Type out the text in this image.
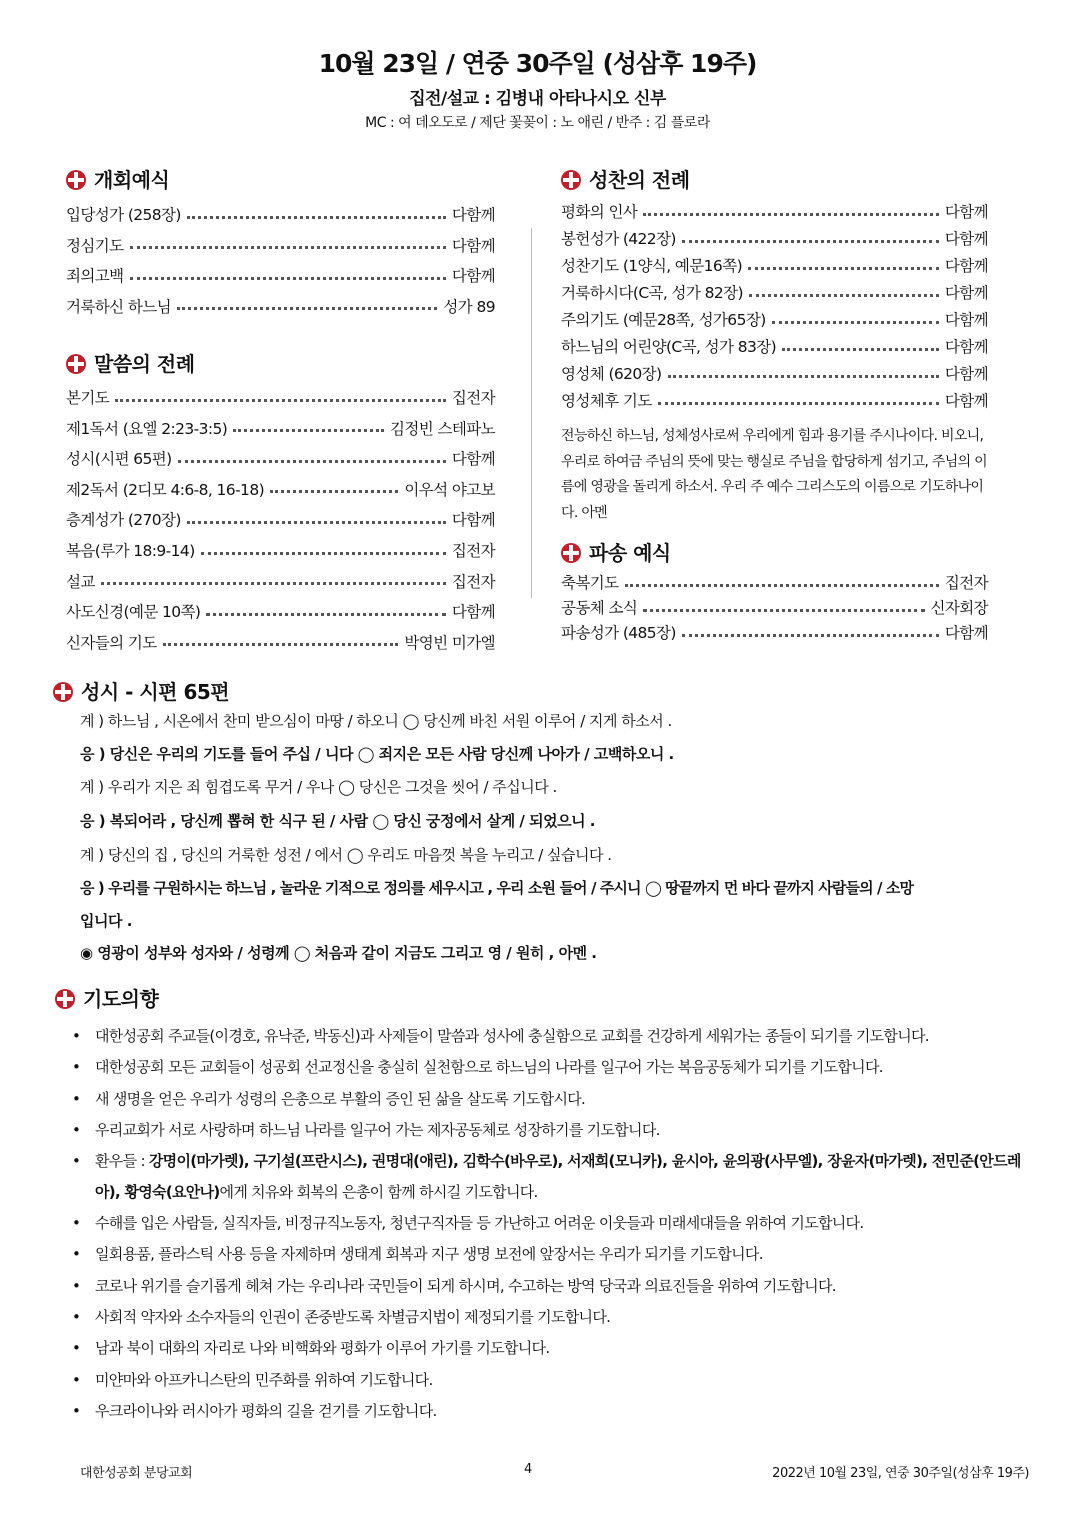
10월 23일 / 연중 30주일 (성삼후 19주)
집전/설교 : 김병내 아타나시오 신부
MC : 여 데오도로 / 제단 꽃꽂이 : 노 애린 / 반주 : 김 플로라
개회예식
입당성가 (258장)	다함께
정심기도	다함께
죄의고백	다함께
거룩하신 하느님	성가 89
말씀의 전례
본기도	집전자
제1독서 (요엘 2:23-3:5)	김정빈 스테파노
성시(시편 65편)	다함께
제2독서 (2디모 4:6-8, 16-18)	이우석 야고보
층계성가 (270장)	다함께
복음(루가 18:9-14)	집전자
설교	집전자
사도신경(예문 10쪽)	다함께
신자들의 기도	박영빈 미가엘
성찬의 전례
평화의 인사	다함께
봉헌성가 (422장)	다함께
성찬기도 (1양식, 예문16쪽)	다함께
거룩하시다(C곡, 성가 82장)	다함께
주의기도 (예문28쪽, 성가65장)	다함께
하느님의 어린양(C곡, 성가 83장)	다함께
영성체 (620장)	다함께
영성체후 기도	다함께
전능하신 하느님, 성체성사로써 우리에게 힘과 용기를 주시나이다. 비오니, 우리로 하여금 주님의 뜻에 맞는 행실로 주님을 합당하게 섬기고, 주님의 이름에 영광을 돌리게 하소서. 우리 주 예수 그리스도의 이름으로 기도하나이다. 아멘
파송 예식
축복기도	집전자
공동체 소식	신자회장
파송성가 (485장)	다함께
성시 - 시편 65편
계 ) 하느님 , 시온에서 찬미 받으심이 마땅 / 하오니 ◯ 당신께 바친 서원 이루어 / 지게 하소서 .
응 ) 당신은 우리의 기도를 들어 주십 / 니다 ◯ 죄지은 모든 사람 당신께 나아가 / 고백하오니 .
계 ) 우리가 지은 죄 힘겹도록 무거 / 우나 ◯ 당신은 그것을 씻어 / 주십니다 .
응 ) 복되어라 , 당신께 뽑혀 한 식구 된 / 사람 ◯ 당신 궁정에서 살게 / 되었으니 .
계 ) 당신의 집 , 당신의 거룩한 성전 / 에서 ◯ 우리도 마음껏 복을 누리고 / 싶습니다 .
응 ) 우리를 구원하시는 하느님 , 놀라운 기적으로 정의를 세우시고 , 우리 소원 들어 / 주시니 ◯ 땅끝까지 먼 바다 끝까지 사람들의 / 소망
입니다 .
◉ 영광이 성부와 성자와 / 성령께 ◯ 처음과 같이 지금도 그리고 영 / 원히 , 아멘 .
기도의향
• 대한성공회 주교들(이경호, 유낙준, 박동신)과 사제들이 말씀과 성사에 충실함으로 교회를 건강하게 세워가는 종들이 되기를 기도합니다.
• 대한성공회 모든 교회들이 성공회 선교정신을 충실히 실천함으로 하느님의 나라를 일구어 가는 복음공동체가 되기를 기도합니다.
• 새 생명을 얻은 우리가 성령의 은총으로 부활의 증인 된 삶을 살도록 기도합시다.
• 우리교회가 서로 사랑하며 하느님 나라를 일구어 가는 제자공동체로 성장하기를 기도합니다.
• 환우들 : 강명이(마가렛), 구기설(프란시스), 권명대(애린), 김학수(바우로), 서재희(모니카), 윤시아, 윤의광(사무엘), 장윤자(마가렛), 전민준(안드레아), 황영숙(요안나)에게 치유와 회복의 은총이 함께 하시길 기도합니다.
• 수해를 입은 사람들, 실직자들, 비정규직노동자, 청년구직자들 등 가난하고 어려운 이웃들과 미래세대들을 위하여 기도합니다.
• 일회용품, 플라스틱 사용 등을 자제하며 생태계 회복과 지구 생명 보전에 앞장서는 우리가 되기를 기도합니다.
• 코로나 위기를 슬기롭게 헤쳐 가는 우리나라 국민들이 되게 하시며, 수고하는 방역 당국과 의료진들을 위하여 기도합니다.
• 사회적 약자와 소수자들의 인권이 존중받도록 차별금지법이 제정되기를 기도합니다.
• 남과 북이 대화의 자리로 나와 비핵화와 평화가 이루어 가기를 기도합니다.
• 미얀마와 아프카니스탄의 민주화를 위하여 기도합니다.
• 우크라이나와 러시아가 평화의 길을 걷기를 기도합니다.
대한성공회 분당교회	4	2022년 10월 23일, 연중 30주일(성삼후 19주)
